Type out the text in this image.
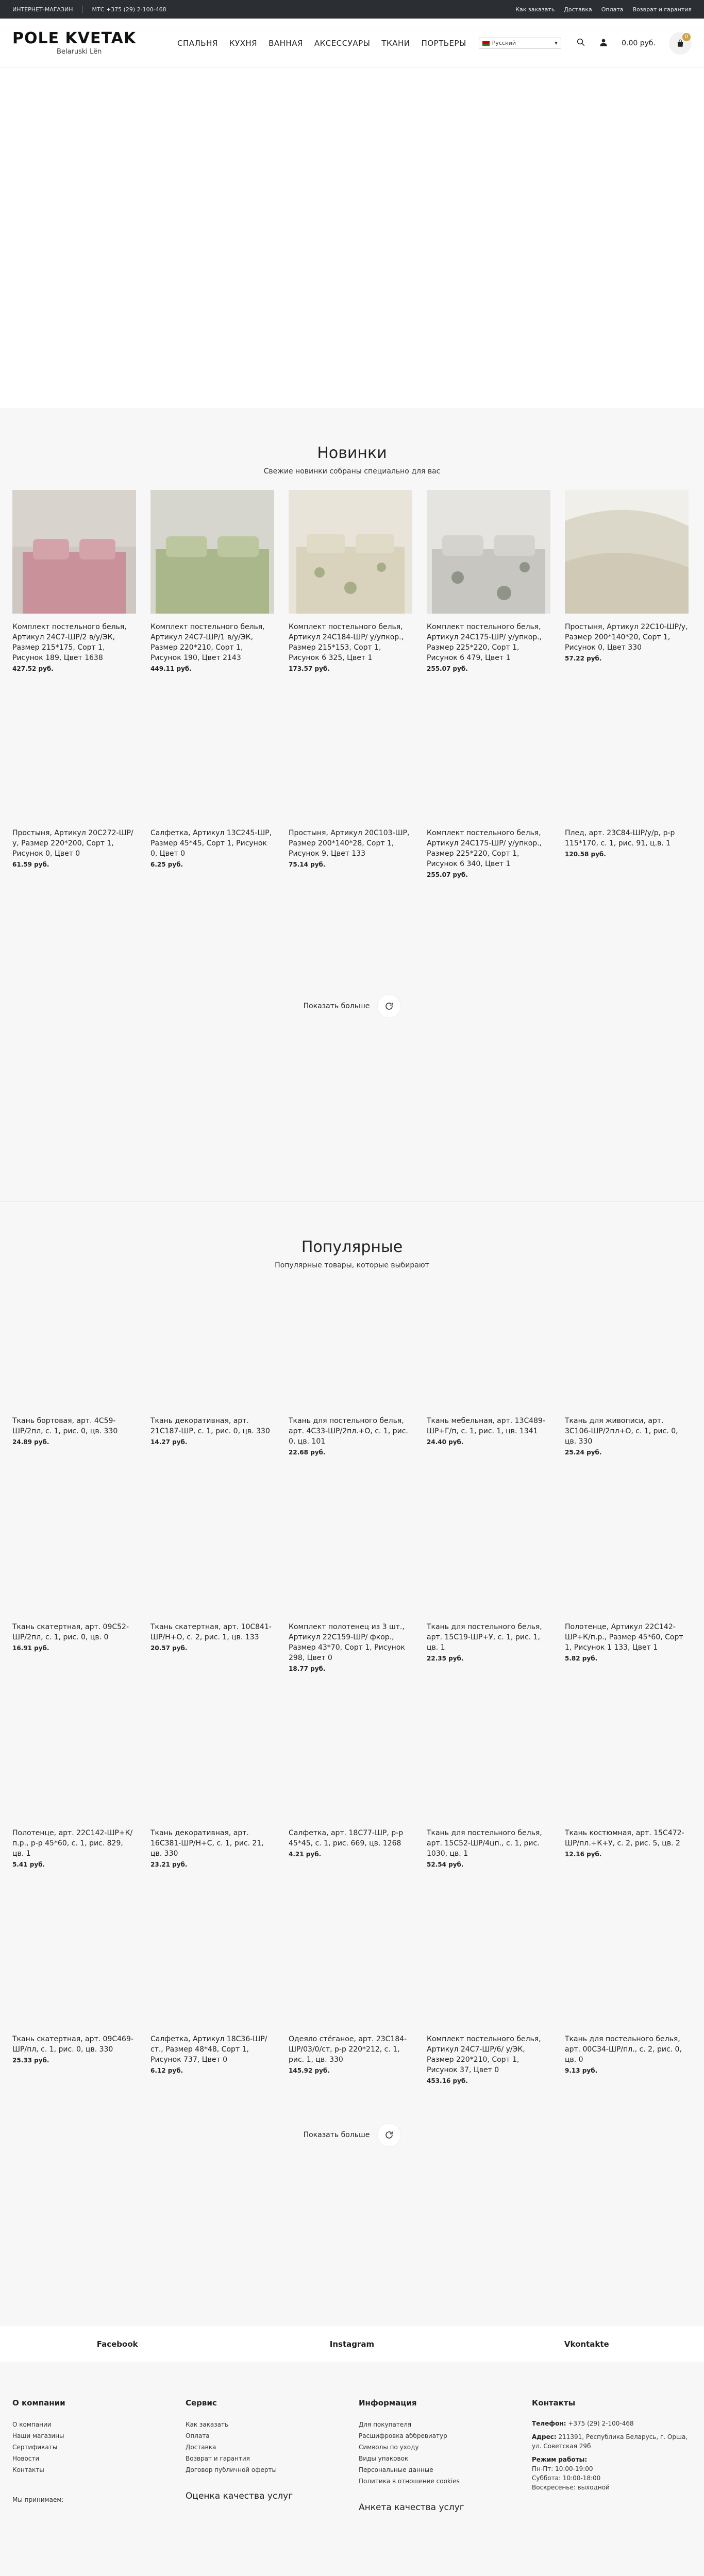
ИНТЕРНЕТ-МАГАЗИН	МТС +375 (29) 2-100-468	Как заказать Доставка Оплата Возврат и гарантия
POLE KVETAK
Belaruski Lën
СПАЛЬНЯ КУХНЯ ВАННАЯ АКСЕССУАРЫ ТКАНИ ПОРТЬЕРЫ	Русский	▾	0.00 руб.
0
Новинки
Свежие новинки собраны специально для вас
Комплект постельного белья, Артикул 24С7-ШР/2 в/у/ЭК, Размер 215*175, Сорт 1, Рисунок 189, Цвет 1638
427.52 руб.
Комплект постельного белья, Артикул 24С7-ШР/1 в/у/ЭК, Размер 220*210, Сорт 1, Рисунок 190, Цвет 2143
449.11 руб.
Комплект постельного белья, Артикул 24С184-ШР/ у/упкор., Размер 215*153, Сорт 1, Рисунок 6 325, Цвет 1
173.57 руб.
Комплект постельного белья, Артикул 24С175-ШР/ у/упкор., Размер 225*220, Сорт 1, Рисунок 6 479, Цвет 1
255.07 руб.
Простыня, Артикул 22С10-ШР/у, Размер 200*140*20, Сорт 1, Рисунок 0, Цвет 330
57.22 руб.
Простыня, Артикул 20С272-ШР/у, Размер 220*200, Сорт 1, Рисунок 0, Цвет 0
61.59 руб.
Салфетка, Артикул 13С245-ШР, Размер 45*45, Сорт 1, Рисунок 0, Цвет 0
6.25 руб.
Простыня, Артикул 20С103-ШР, Размер 200*140*28, Сорт 1, Рисунок 9, Цвет 133
75.14 руб.
Комплект постельного белья, Артикул 24С175-ШР/ у/упкор., Размер 225*220, Сорт 1, Рисунок 6 340, Цвет 1
255.07 руб.
Плед, арт. 23С84-ШР/у/р, р-р 115*170, с. 1, рис. 91, ц.в. 1
120.58 руб.
Показать больше
Популярные
Популярные товары, которые выбирают
Ткань бортовая, арт. 4С59-ШР/2пл, с. 1, рис. 0, цв. 330
24.89 руб.
Ткань декоративная, арт. 21С187-ШР, с. 1, рис. 0, цв. 330
14.27 руб.
Ткань для постельного белья, арт. 4С33-ШР/2пл.+О, с. 1, рис. 0, цв. 101
22.68 руб.
Ткань мебельная, арт. 13С489-ШР+Г/п, с. 1, рис. 1, цв. 1341
24.40 руб.
Ткань для живописи, арт. 3С106-ШР/2пл+О, с. 1, рис. 0, цв. 330
25.24 руб.
Ткань скатертная, арт. 09С52-ШР/2пл, с. 1, рис. 0, цв. 0
16.91 руб.
Ткань скатертная, арт. 10С841-ШР/Н+О, с. 2, рис. 1, цв. 133
20.57 руб.
Комплект полотенец из 3 шт., Артикул 22С159-ШР/ фкор., Размер 43*70, Сорт 1, Рисунок 298, Цвет 0
18.77 руб.
Ткань для постельного белья, арт. 15С19-ШР+У, с. 1, рис. 1, цв. 1
22.35 руб.
Полотенце, Артикул 22С142-ШР+К/п.р., Размер 45*60, Сорт 1, Рисунок 1 133, Цвет 1
5.82 руб.
Полотенце, арт. 22С142-ШР+К/п.р., р-р 45*60, с. 1, рис. 829, цв. 1
5.41 руб.
Ткань декоративная, арт. 16С381-ШР/Н+С, с. 1, рис. 21, цв. 330
23.21 руб.
Салфетка, арт. 18С77-ШР, р-р 45*45, с. 1, рис. 669, цв. 1268
4.21 руб.
Ткань для постельного белья, арт. 15С52-ШР/4цп., с. 1, рис. 1030, цв. 1
52.54 руб.
Ткань костюмная, арт. 15С472-ШР/пл.+К+У, с. 2, рис. 5, цв. 2
12.16 руб.
Ткань скатертная, арт. 09С469-ШР/пл, с. 1, рис. 0, цв. 330
25.33 руб.
Салфетка, Артикул 18С36-ШР/ст., Размер 48*48, Сорт 1, Рисунок 737, Цвет 0
6.12 руб.
Одеяло стёганое, арт. 23С184-ШР/03/0/ст, р-р 220*212, с. 1, рис. 1, цв. 330
145.92 руб.
Комплект постельного белья, Артикул 24С7-ШР/6/ у/ЭК, Размер 220*210, Сорт 1, Рисунок 37, Цвет 0
453.16 руб.
Ткань для постельного белья, арт. 00С34-ШР/пл., с. 2, рис. 0, цв. 0
9.13 руб.
Показать больше
Facebook	Instagram	Vkontakte
О компании
О компании
Наши магазины
Сертификаты
Новости
Контакты
Мы принимаем:
Сервис
Как заказать
Оплата
Доставка
Возврат и гарантия
Договор публичной оферты
Оценка качества услуг
Информация
Для покупателя
Расшифровка аббревиатур
Символы по уходу
Виды упаковок
Персональные данные
Политика в отношение cookies
Анкета качества услуг
Контакты
Телефон: +375 (29) 2-100-468
Адрес: 211391, Республика Беларусь, г. Орша, ул. Советская 29б
Режим работы:
Пн-Пт: 10:00-19:00
Суббота: 10:00-18:00
Воскресенье: выходной
